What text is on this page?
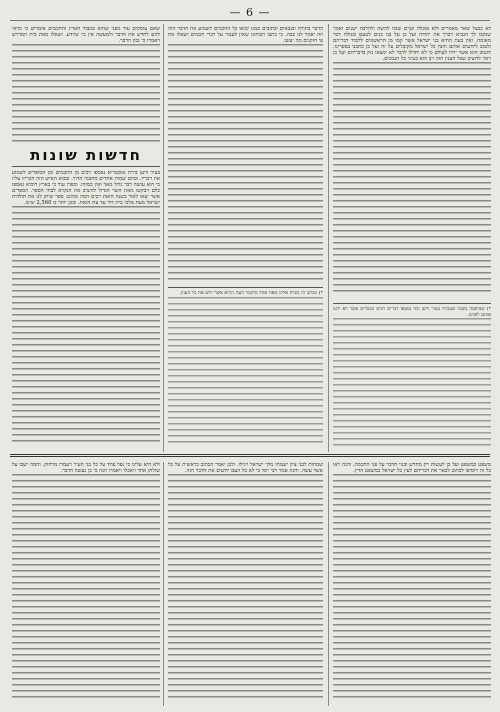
— 6 —

לא כבצל שאר מאמרים ולא אוכלה וטרם שבה להשה ולהלכה ישנים ואמר שנקבו לך הנביא ויברך את יהודה ועל כן על בנו כנים לטעם ובגולה דבר מאומה. ואין בעת ההיא בני ישראל אשר קמו מן הראשונים ללמוד דבריהם ולטוב ליודעים אותם והנה כל ישראל מקובלים על זה ועל כן כתבנו בספרינו. והטוב הוא אשר ירדו לעולם כי לא יחדלו לדבר לא ימצאו נזק בדבריהם ועל כן ראוי להשיב שכל הענין הזה רב הוא בעיני כל הנבונים.

*) שנדפסה בשנה שעברה בעיר וויען ובה נמצאו דברים רבים ונכבדים אשר לא ידעו אותם לפנים.

הדבר בתורה ובנבאים וכתובים ממנו יבואו כל החכמים לשמוע את הדבר הזה וזה יאמר לנו ככה. כי כתבו רבותינו שאין לעבור על דברי חכמים ושאלו את פי הזקנים מה יעשו.

*) מכתב זה נשלח אלינו מאת אחד מחכמי העת ההיא אשר יודע את כל הענין.

שאם עוסקים עוד מפני שהוא מכבוד הארץ והחכמים אומרים כי כדאי להם לחדש את הדבר ולמעשה אין מי שיודע. ושאלו מאת בית המדרש ויאמרו כי נכון הדבר.

חדשות שונות

בעיר וויען בירת אוסטריא נאספו רבים מן החכמים ומן הסופרים לשמוע את דבריו. ובהם שמות אחדים מחכמי הדור. ובבוא האיש הזה הכריזו עליו כי הוא עושה דבר גדול מאד ואין כמוהו. וספרו עוד כי בארץ רוסיא נאספו כלם ויבקשו מאת השר הגדול להשיב את הנקרא לבתי הספר. הספרים אשר יצאו לאור בשנה הזאת רבים המה ומהם: ספר שיתן לנו את תולדות ישראל מעת מלכי בית דוד עד עת הזאת. ובכן יותר מ 2,560 ש״מ.

משפט כמשפט ועל כן לעשות רק מחדש ובנוי הדבר על פני החכמה. והנה ראו כל זה ויוסיפו לכתוב לבאר את דבריהם לעין כל ישראל כמשפט הדין.

שמחות לבני ציון ישמחו מלך ישראל ויגילו. ולכן יאמר הכתוב בראשית על כל אשר עשה. והנה אמר רבי יוסי כי לא כל העם יודעים את הדבר הזה.

ולא היא עלינו כי נפל פחד על כל בני העיר ויעמדו מרחוק. והמה ישבו על שולחן אחד ויאכלו ויאמרו הנה כי כן נעשה הדבר.
